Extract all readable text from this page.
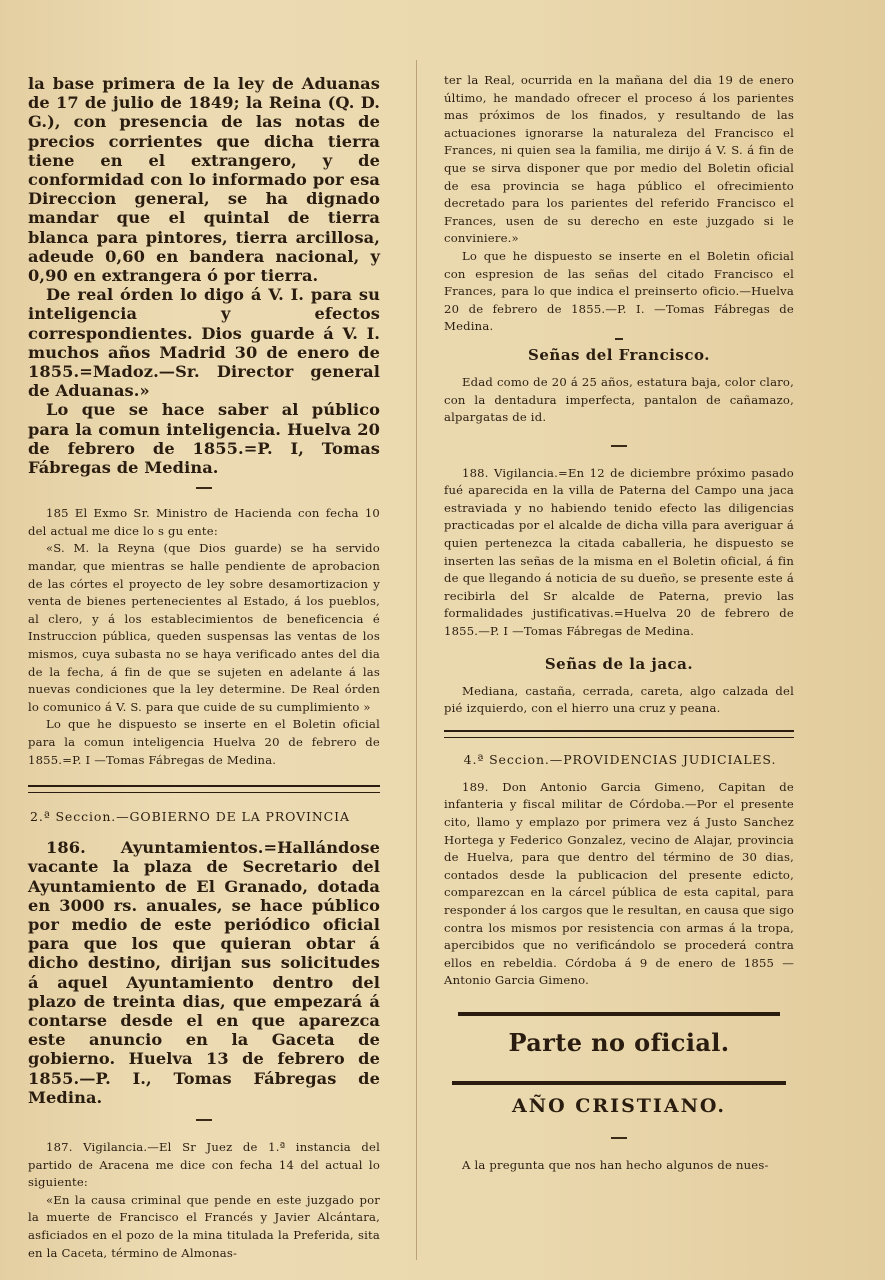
la base primera de la ley de Aduanas de 17 de julio de 1849; la Reina (Q. D. G.), con presencia de las notas de precios corrientes que dicha tierra tiene en el extrangero, y de conformidad con lo informado por esa Direccion general, se ha dignado mandar que el quintal de tierra blanca para pintores, tierra arcillosa, adeude 0,60 en bandera nacional, y 0,90 en extrangera ó por tierra.

De real órden lo digo á V. I. para su inteligencia y efectos correspondientes. Dios guarde á V. I. muchos años Madrid 30 de enero de 1855.=Madoz.—Sr. Director general de Aduanas.»

Lo que se hace saber al público para la comun inteligencia. Huelva 20 de febrero de 1855.=P. I, Tomas Fábregas de Medina.

185 El Exmo Sr. Ministro de Hacienda con fecha 10 del actual me dice lo s gu ente:

«S. M. la Reyna (que Dios guarde) se ha servido mandar, que mientras se halle pendiente de aprobacion de las córtes el proyecto de ley sobre desamortizacion y venta de bienes pertenecientes al Estado, á los pueblos, al clero, y á los establecimientos de beneficencia é Instruccion pública, queden suspensas las ventas de los mismos, cuya subasta no se haya verificado antes del dia de la fecha, á fin de que se sujeten en adelante á las nuevas condiciones que la ley determine. De Real órden lo comunico á V. S. para que cuide de su cumplimiento »

Lo que he dispuesto se inserte en el Boletin oficial para la comun inteligencia Huelva 20 de febrero de 1855.=P. I —Tomas Fábregas de Medina.

2.ª Seccion.—GOBIERNO DE LA PROVINCIA

186. Ayuntamientos.=Hallándose vacante la plaza de Secretario del Ayuntamiento de El Granado, dotada en 3000 rs. anuales, se hace público por medio de este periódico oficial para que los que quieran obtar á dicho destino, dirijan sus solicitudes á aquel Ayuntamiento dentro del plazo de treinta dias, que empezará á contarse desde el en que aparezca este anuncio en la Gaceta de gobierno. Huelva 13 de febrero de 1855.—P. I., Tomas Fábregas de Medina.

187. Vigilancia.—El Sr Juez de 1.ª instancia del partido de Aracena me dice con fecha 14 del actual lo siguiente:

«En la causa criminal que pende en este juzgado por la muerte de Francisco el Francés y Javier Alcántara, asficiados en el pozo de la mina titulada la Preferida, sita en la Caceta, término de Almonas-

ter la Real, ocurrida en la mañana del dia 19 de enero último, he mandado ofrecer el proceso á los parientes mas próximos de los finados, y resultando de las actuaciones ignorarse la naturaleza del Francisco el Frances, ni quien sea la familia, me dirijo á V. S. á fin de que se sirva disponer que por medio del Boletin oficial de esa provincia se haga público el ofrecimiento decretado para los parientes del referido Francisco el Frances, usen de su derecho en este juzgado si le conviniere.»

Lo que he dispuesto se inserte en el Boletin oficial con espresion de las señas del citado Francisco el Frances, para lo que indica el preinserto oficio.—Huelva 20 de febrero de 1855.—P. I. —Tomas Fábregas de Medina.

Señas del Francisco.

Edad como de 20 á 25 años, estatura baja, color claro, con la dentadura imperfecta, pantalon de cañamazo, alpargatas de id.

188. Vigilancia.=En 12 de diciembre próximo pasado fué aparecida en la villa de Paterna del Campo una jaca estraviada y no habiendo tenido efecto las diligencias practicadas por el alcalde de dicha villa para averiguar á quien pertenezca la citada caballeria, he dispuesto se inserten las señas de la misma en el Boletin oficial, á fin de que llegando á noticia de su dueño, se presente este á recibirla del Sr alcalde de Paterna, previo las formalidades justificativas.=Huelva 20 de febrero de 1855.—P. I —Tomas Fábregas de Medina.

Señas de la jaca.

Mediana, castaña, cerrada, careta, algo calzada del pié izquierdo, con el hierro una cruz y peana.

4.ª Seccion.—PROVIDENCIAS JUDICIALES.

189. Don Antonio Garcia Gimeno, Capitan de infanteria y fiscal militar de Córdoba.—Por el presente cito, llamo y emplazo por primera vez á Justo Sanchez Hortega y Federico Gonzalez, vecino de Alajar, provincia de Huelva, para que dentro del término de 30 dias, contados desde la publicacion del presente edicto, comparezcan en la cárcel pública de esta capital, para responder á los cargos que le resultan, en causa que sigo contra los mismos por resistencia con armas á la tropa, apercibidos que no verificándolo se procederá contra ellos en rebeldia. Córdoba á 9 de enero de 1855 —Antonio Garcia Gimeno.

Parte no oficial.

AÑO CRISTIANO.

A la pregunta que nos han hecho algunos de nues-
